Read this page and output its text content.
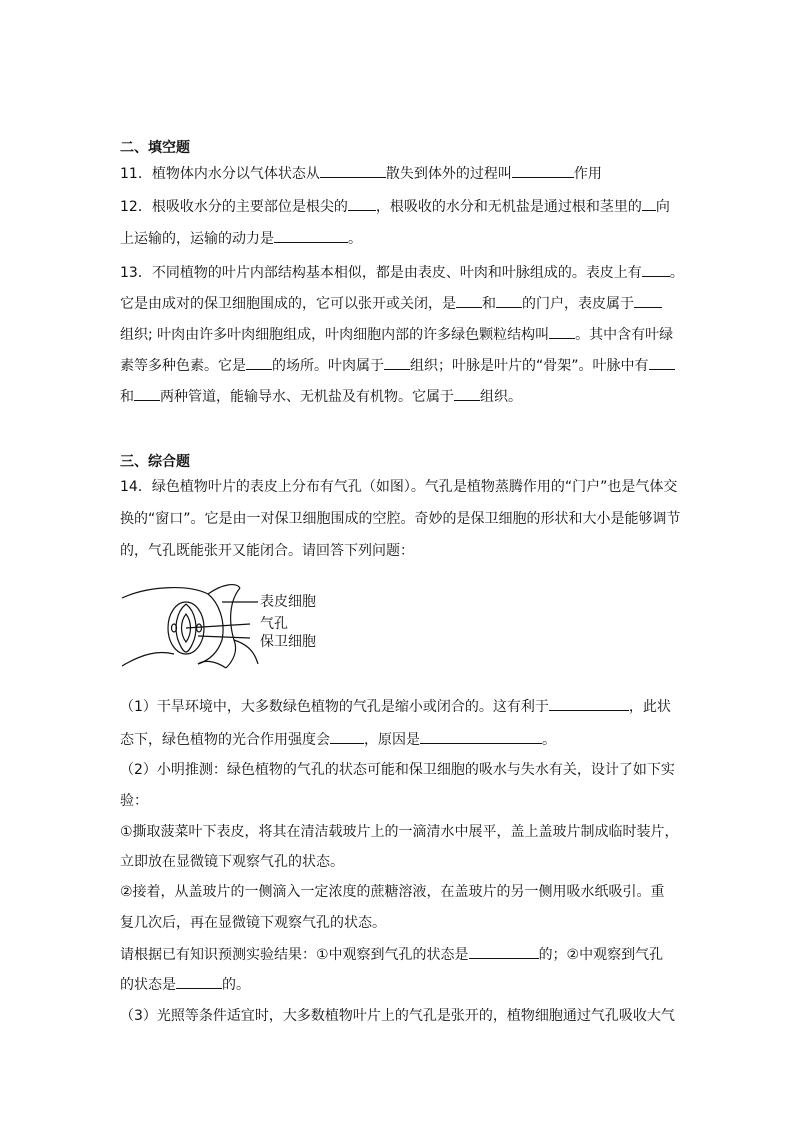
二、填空题
11．植物体内水分以气体状态从	散失到体外的过程叫	作用
12．根吸收水分的主要部位是根尖的 ，根吸收的水分和无机盐是通过根和茎里的 向
上运输的，运输的动力是	。
13．不同植物的叶片内部结构基本相似，都是由表皮、叶肉和叶脉组成的。表皮上有 。
它是由成对的保卫细胞围成的，它可以张开或关闭，是 和 的门户，表皮属于
组织; 叶肉由许多叶肉细胞组成，叶肉细胞内部的许多绿色颗粒结构叫 。其中含有叶绿
素等多种色素。它是 的场所。叶肉属于 组织；叶脉是叶片的“骨架”。叶脉中有
和 两种管道，能输导水、无机盐及有机物。它属于 组织。
三、综合题
14．绿色植物叶片的表皮上分布有气孔（如图）。气孔是植物蒸腾作用的“门户”也是气体交
换的“窗口”。它是由一对保卫细胞围成的空腔。奇妙的是保卫细胞的形状和大小是能够调节
的，气孔既能张开又能闭合。请回答下列问题：
表皮细胞
气孔
保卫细胞
（1）干旱环境中，大多数绿色植物的气孔是缩小或闭合的。这有利于	，此状
态下，绿色植物的光合作用强度会 ，原因是	。
（2）小明推测：绿色植物的气孔的状态可能和保卫细胞的吸水与失水有关，设计了如下实
验：
①撕取菠菜叶下表皮，将其在清洁载玻片上的一滴清水中展平，盖上盖玻片制成临时装片，
立即放在显微镜下观察气孔的状态。
②接着，从盖玻片的一侧滴入一定浓度的蔗糖溶液，在盖玻片的另一侧用吸水纸吸引。重
复几次后，再在显微镜下观察气孔的状态。
请根据已有知识预测实验结果：①中观察到气孔的状态是	的；②中观察到气孔
的状态是	的。
（3）光照等条件适宜时，大多数植物叶片上的气孔是张开的，植物细胞通过气孔吸收大气
